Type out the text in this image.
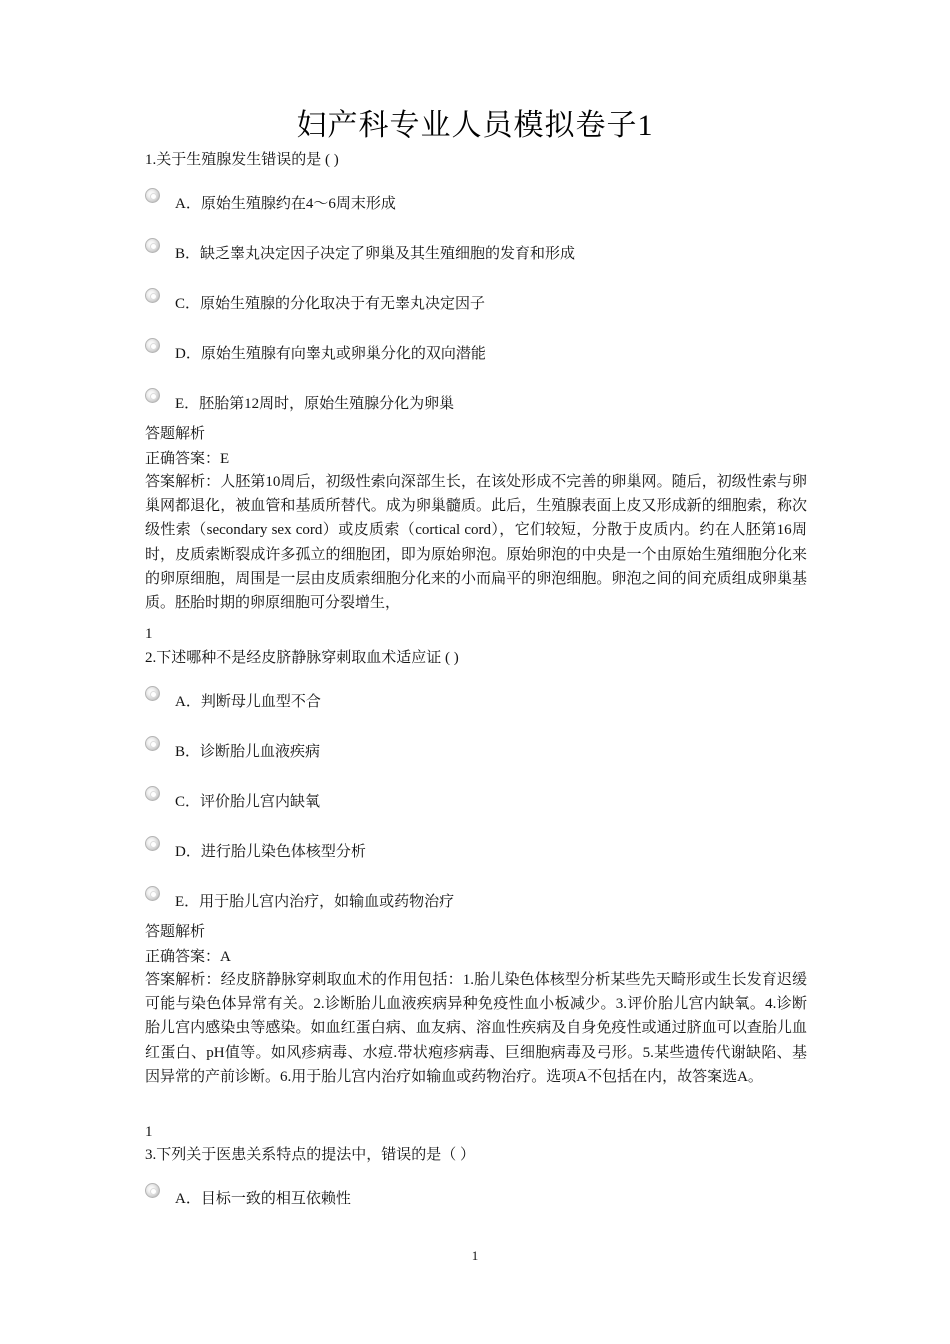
妇产科专业人员模拟卷子1
1.关于生殖腺发生错误的是 ( )
A．原始生殖腺约在4～6周末形成
B．缺乏睾丸决定因子决定了卵巢及其生殖细胞的发育和形成
C．原始生殖腺的分化取决于有无睾丸决定因子
D．原始生殖腺有向睾丸或卵巢分化的双向潜能
E．胚胎第12周时，原始生殖腺分化为卵巢
答题解析
正确答案：E
答案解析：人胚第10周后，初级性索向深部生长，在该处形成不完善的卵巢网。随后，初级性索与卵巢网都退化，被血管和基质所替代。成为卵巢髓质。此后，生殖腺表面上皮又形成新的细胞索，称次级性索（secondary sex cord）或皮质索（cortical cord），它们较短，分散于皮质内。约在人胚第16周时，皮质索断裂成许多孤立的细胞团，即为原始卵泡。原始卵泡的中央是一个由原始生殖细胞分化来的卵原细胞，周围是一层由皮质索细胞分化来的小而扁平的卵泡细胞。卵泡之间的间充质组成卵巢基质。胚胎时期的卵原细胞可分裂增生，
1
2.下述哪种不是经皮脐静脉穿刺取血术适应证 ( )
A．判断母儿血型不合
B．诊断胎儿血液疾病
C．评价胎儿宫内缺氧
D．进行胎儿染色体核型分析
E．用于胎儿宫内治疗，如输血或药物治疗
答题解析
正确答案：A
答案解析：经皮脐静脉穿刺取血术的作用包括：1.胎儿染色体核型分析某些先天畸形或生长发育迟缓可能与染色体异常有关。2.诊断胎儿血液疾病异种免疫性血小板减少。3.评价胎儿宫内缺氧。4.诊断胎儿宫内感染虫等感染。如血红蛋白病、血友病、溶血性疾病及自身免疫性或通过脐血可以查胎儿血红蛋白、pH值等。如风疹病毒、水痘.带状疱疹病毒、巨细胞病毒及弓形。5.某些遗传代谢缺陷、基因异常的产前诊断。6.用于胎儿宫内治疗如输血或药物治疗。选项A不包括在内，故答案选A。
1
3.下列关于医患关系特点的提法中，错误的是（ ）
A．目标一致的相互依赖性
1
